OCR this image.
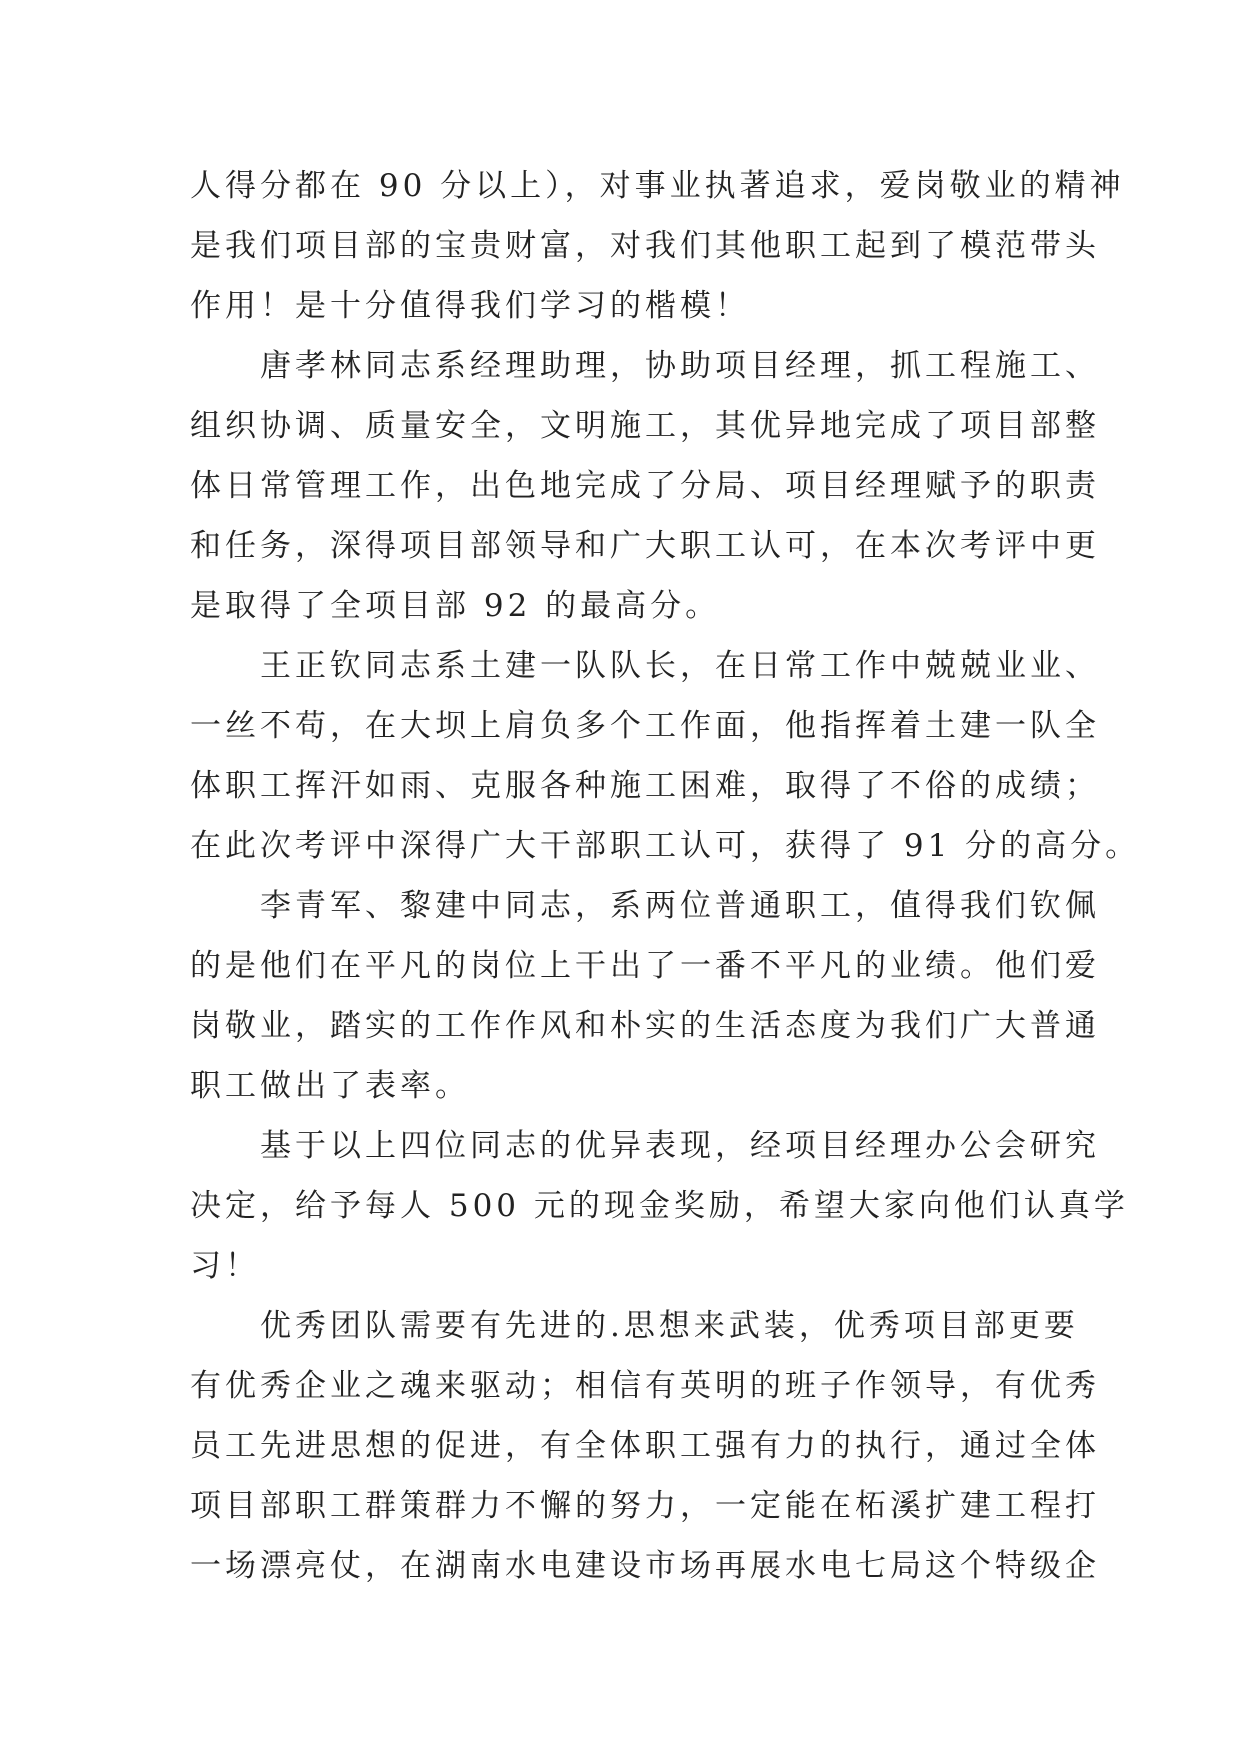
人得分都在 90 分以上），对事业执著追求，爱岗敬业的精神
是我们项目部的宝贵财富，对我们其他职工起到了模范带头
作用！是十分值得我们学习的楷模！
唐孝林同志系经理助理，协助项目经理，抓工程施工、
组织协调、质量安全，文明施工，其优异地完成了项目部整
体日常管理工作，出色地完成了分局、项目经理赋予的职责
和任务，深得项目部领导和广大职工认可，在本次考评中更
是取得了全项目部 92 的最高分。
王正钦同志系土建一队队长，在日常工作中兢兢业业、
一丝不苟，在大坝上肩负多个工作面，他指挥着土建一队全
体职工挥汗如雨、克服各种施工困难，取得了不俗的成绩；
在此次考评中深得广大干部职工认可，获得了 91 分的高分。
李青军、黎建中同志，系两位普通职工，值得我们钦佩
的是他们在平凡的岗位上干出了一番不平凡的业绩。他们爱
岗敬业，踏实的工作作风和朴实的生活态度为我们广大普通
职工做出了表率。
基于以上四位同志的优异表现，经项目经理办公会研究
决定，给予每人 500 元的现金奖励，希望大家向他们认真学
习！
优秀团队需要有先进的.思想来武装，优秀项目部更要
有优秀企业之魂来驱动；相信有英明的班子作领导，有优秀
员工先进思想的促进，有全体职工强有力的执行，通过全体
项目部职工群策群力不懈的努力，一定能在柘溪扩建工程打
一场漂亮仗，在湖南水电建设市场再展水电七局这个特级企
